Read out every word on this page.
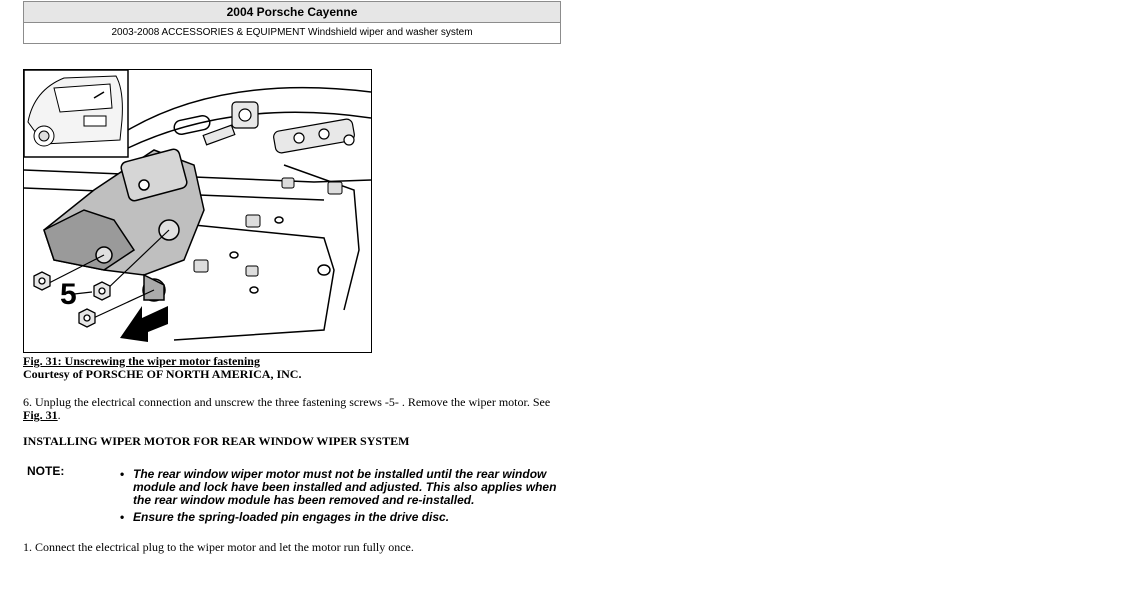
2004 Porsche Cayenne
2003-2008 ACCESSORIES & EQUIPMENT Windshield wiper and washer system
5
Fig. 31: Unscrewing the wiper motor fastening
Courtesy of PORSCHE OF NORTH AMERICA, INC.
6. Unplug the electrical connection and unscrew the three fastening screws -5- . Remove the wiper motor. See
Fig. 31.
INSTALLING WIPER MOTOR FOR REAR WINDOW WIPER SYSTEM
NOTE:
•	The rear window wiper motor must not be installed until the rear window module and lock have been installed and adjusted. This also applies when the rear window module has been removed and re-installed.
• Ensure the spring-loaded pin engages in the drive disc.
1. Connect the electrical plug to the wiper motor and let the motor run fully once.
